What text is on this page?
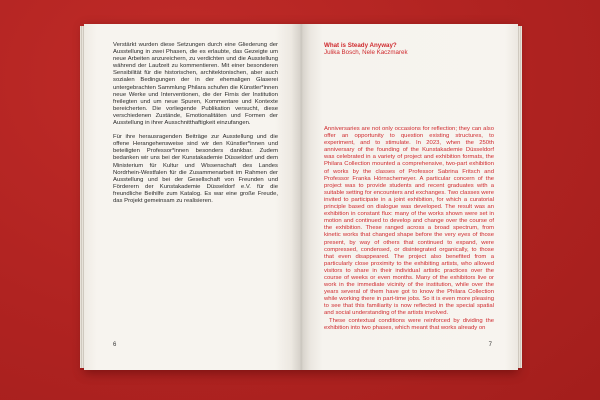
Verstärkt wurden diese Setzungen durch eine Gliederung der Ausstellung in zwei Phasen, die es erlaubte, das Gezeigte um neue Arbeiten anzureichern, zu verdichten und die Ausstellung während der Laufzeit zu kommentieren. Mit einer besonderen Sensibilität für die historischen, architektonischen, aber auch sozialen Bedingungen der in der ehemaligen Glaserei untergebrachten Sammlung Philara schufen die Künstler*innen neue Werke und Interventionen, die der Firnis der Institution freilegten und um neue Spuren, Kommentare und Kontexte bereicherten. Die vorliegende Publikation versucht, diese verschiedenen Zustände, Emotionalitäten und Formen der Ausstellung in ihrer Ausschnitthaftigkeit einzufangen.

Für ihre herausragenden Beiträge zur Ausstellung und die offene Herangehensweise sind wir den Künstler*innen und beteiligten Professor*innen besonders dankbar. Zudem bedanken wir uns bei der Kunstakademie Düsseldorf und dem Ministerium für Kultur und Wissenschaft des Landes Nordrhein-Westfalen für die Zusammenarbeit im Rahmen der Ausstellung und bei der Gesellschaft von Freunden und Förderern der Kunstakademie Düsseldorf e.V. für die freundliche Beihilfe zum Katalog. Es war eine große Freude, das Projekt gemeinsam zu realisieren.

6
What is Steady Anyway?
Julika Bosch, Nele Kaczmarek

Anniversaries are not only occasions for reflection; they can also offer an opportunity to question existing structures, to experiment, and to stimulate. In 2023, when the 250th anniversary of the founding of the Kunstakademie Düsseldorf was celebrated in a variety of project and exhibition formats, the Philara Collection mounted a comprehensive, two-part exhibition of works by the classes of Professor Sabrina Fritsch and Professor Franka Hörnschemeyer. A particular concern of the project was to provide students and recent graduates with a suitable setting for encounters and exchanges. Two classes were invited to participate in a joint exhibition, for which a curatorial principle based on dialogue was developed. The result was an exhibition in constant flux: many of the works shown were set in motion and continued to develop and change over the course of the exhibition. These ranged across a broad spectrum, from kinetic works that changed shape before the very eyes of those present, by way of others that continued to expand, were compressed, condensed, or disintegrated organically, to those that even disappeared. The project also benefited from a particularly close proximity to the exhibiting artists, who allowed visitors to share in their individual artistic practices over the course of weeks or even months. Many of the exhibitors live or work in the immediate vicinity of the institution, while over the years several of them have got to know the Philara Collection while working there in part-time jobs. So it is even more pleasing to see that this familiarity is now reflected in the special spatial and social understanding of the artists involved.

These contextual conditions were reinforced by dividing the exhibition into two phases, which meant that works already on

7
